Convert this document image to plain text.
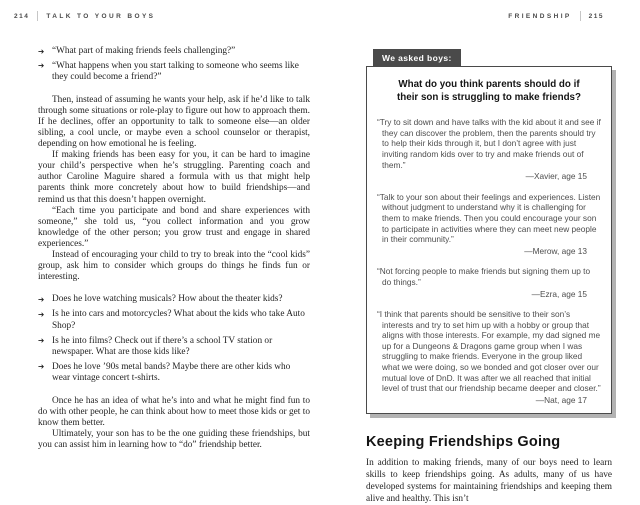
214	TALK TO YOUR BOYS	FRIENDSHIP	215
➔ “What part of making friends feels challenging?”
➔ “What happens when you start talking to someone who seems like they could become a friend?”

Then, instead of assuming he wants your help, ask if he’d like to talk through some situations or role-play to figure out how to approach them. If he declines, offer an opportunity to talk to someone else—an older sibling, a cool uncle, or maybe even a school counselor or therapist, depending on how emotional he is feeling.

If making friends has been easy for you, it can be hard to imagine your child’s perspective when he’s struggling. Parenting coach and author Caroline Maguire shared a formula with us that might help parents think more concretely about how to build friendships—and remind us that this doesn’t happen overnight.

“Each time you participate and bond and share experiences with someone,” she told us, “you collect information and you grow knowledge of the other person; you grow trust and engage in shared experiences.”

Instead of encouraging your child to try to break into the “cool kids” group, ask him to consider which groups do things he finds fun or interesting.

➔ Does he love watching musicals? How about the theater kids?
➔ Is he into cars and motorcycles? What about the kids who take Auto Shop?
➔ Is he into films? Check out if there’s a school TV station or newspaper. What are those kids like?
➔ Does he love ’90s metal bands? Maybe there are other kids who wear vintage concert t-shirts.

Once he has an idea of what he’s into and what he might find fun to do with other people, he can think about how to meet those kids or get to know them better.

Ultimately, your son has to be the one guiding these friendships, but you can assist him in learning how to “do” friendship better.

We asked boys:
What do you think parents should do if their son is struggling to make friends?

“Try to sit down and have talks with the kid about it and see if they can discover the problem, then the parents should try to help their kids through it, but I don’t agree with just inviting random kids over to try and make friends out of them.”

—Xavier, age 15

“Talk to your son about their feelings and experiences. Listen without judgment to understand why it is challenging for them to make friends. Then you could encourage your son to participate in activities where they can meet new people in their community.”

—Merow, age 13

“Not forcing people to make friends but signing them up to do things.”

—Ezra, age 15

“I think that parents should be sensitive to their son’s interests and try to set him up with a hobby or group that aligns with those interests. For example, my dad signed me up for a Dungeons & Dragons game group when I was struggling to make friends. Everyone in the group liked what we were doing, so we bonded and got closer over our mutual love of DnD. It was after we all reached that initial level of trust that our friendship became deeper and closer.”

—Nat, age 17

Keeping Friendships Going

In addition to making friends, many of our boys need to learn skills to keep friendships going. As adults, many of us have developed systems for maintaining friendships and keeping them alive and healthy. This isn’t
